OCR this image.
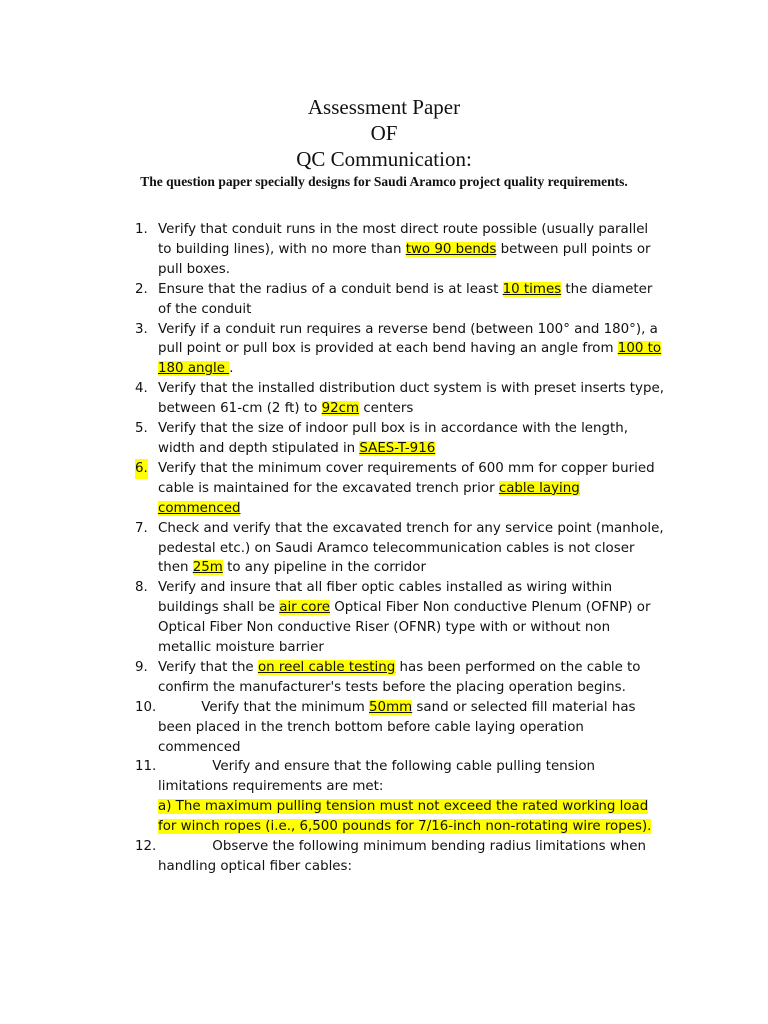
Assessment Paper
OF
QC Communication:
The question paper specially designs for Saudi Aramco project quality requirements.
1. Verify that conduit runs in the most direct route possible (usually parallel to building lines), with no more than two 90 bends between pull points or pull boxes.
2. Ensure that the radius of a conduit bend is at least 10 times the diameter of the conduit
3. Verify if a conduit run requires a reverse bend (between 100° and 180°), a pull point or pull box is provided at each bend having an angle from 100 to 180 angle .
4. Verify that the installed distribution duct system is with preset inserts type, between 61-cm (2 ft) to 92cm centers
5. Verify that the size of indoor pull box is in accordance with the length, width and depth stipulated in SAES-T-916
6. Verify that the minimum cover requirements of 600 mm for copper buried cable is maintained for the excavated trench prior cable laying commenced
7. Check and verify that the excavated trench for any service point (manhole, pedestal etc.) on Saudi Aramco telecommunication cables is not closer then 25m to any pipeline in the corridor
8. Verify and insure that all fiber optic cables installed as wiring within buildings shall be air core Optical Fiber Non conductive Plenum (OFNP) or Optical Fiber Non conductive Riser (OFNR) type with or without non metallic moisture barrier
9. Verify that the on reel cable testing has been performed on the cable to confirm the manufacturer's tests before the placing operation begins.
10.	Verify that the minimum 50mm sand or selected fill material has
been placed in the trench bottom before cable laying operation commenced
11.	Verify and ensure that the following cable pulling tension
limitations requirements are met:
a) The maximum pulling tension must not exceed the rated working load for winch ropes (i.e., 6,500 pounds for 7/16-inch non-rotating wire ropes).
12.	Observe the following minimum bending radius limitations when
handling optical fiber cables:
